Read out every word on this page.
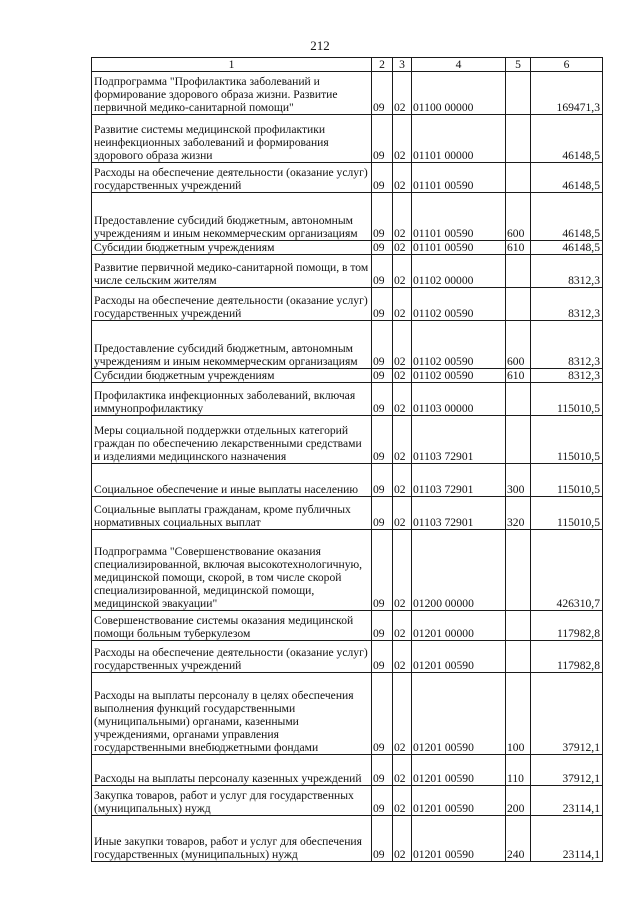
212
1	2	3	4	5	6
Подпрограмма "Профилактика заболеваний и формирование здорового образа жизни. Развитие первичной медико-санитарной помощи"	09	02	01100 00000		169471,3
Развитие системы медицинской профилактики неинфекционных заболеваний и формирования здорового образа жизни	09	02	01101 00000		46148,5
Расходы на обеспечение деятельности (оказание услуг) государственных учреждений	09	02	01101 00590		46148,5
Предоставление субсидий бюджетным, автономным учреждениям и иным некоммерческим организациям	09	02	01101 00590	600	46148,5
Субсидии бюджетным учреждениям	09	02	01101 00590	610	46148,5
Развитие первичной медико-санитарной помощи, в том числе сельским жителям	09	02	01102 00000		8312,3
Расходы на обеспечение деятельности (оказание услуг) государственных учреждений	09	02	01102 00590		8312,3
Предоставление субсидий бюджетным, автономным учреждениям и иным некоммерческим организациям	09	02	01102 00590	600	8312,3
Субсидии бюджетным учреждениям	09	02	01102 00590	610	8312,3
Профилактика инфекционных заболеваний, включая иммунопрофилактику	09	02	01103 00000		115010,5
Меры социальной поддержки отдельных категорий граждан по обеспечению лекарственными средствами и изделиями медицинского назначения	09	02	01103 72901		115010,5
Социальное обеспечение и иные выплаты населению	09	02	01103 72901	300	115010,5
Социальные выплаты гражданам, кроме публичных нормативных социальных выплат	09	02	01103 72901	320	115010,5
Подпрограмма "Совершенствование оказания специализированной, включая высокотехнологичную, медицинской помощи, скорой, в том числе скорой специализированной, медицинской помощи, медицинской эвакуации"	09	02	01200 00000		426310,7
Совершенствование системы оказания медицинской помощи больным туберкулезом	09	02	01201 00000		117982,8
Расходы на обеспечение деятельности (оказание услуг) государственных учреждений	09	02	01201 00590		117982,8
Расходы на выплаты персоналу в целях обеспечения выполнения функций государственными (муниципальными) органами, казенными учреждениями, органами управления государственными внебюджетными фондами	09	02	01201 00590	100	37912,1
Расходы на выплаты персоналу казенных учреждений	09	02	01201 00590	110	37912,1
Закупка товаров, работ и услуг для государственных (муниципальных) нужд	09	02	01201 00590	200	23114,1
Иные закупки товаров, работ и услуг для обеспечения государственных (муниципальных) нужд	09	02	01201 00590	240	23114,1
